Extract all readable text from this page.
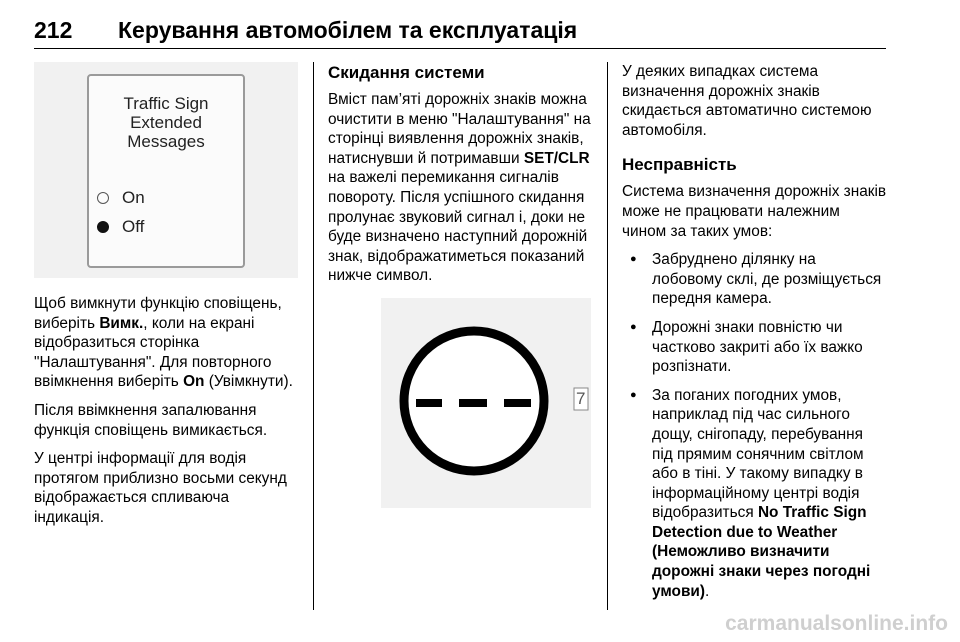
212 Керування автомобілем та експлуатація
Traffic Sign
Extended
Messages
On
Off

Щоб вимкнути функцію сповіщень, виберіть Вимк., коли на екрані відобразиться сторінка "Налаштування". Для повторного ввімкнення виберіть On (Увімкнути).

Після ввімкнення запалювання функція сповіщень вимикається.

У центрі інформації для водія протягом приблизно восьми секунд відображається спливаюча індикація.

Скидання системи

Вміст пам’яті дорожніх знаків можна очистити в меню "Налаштування" на сторінці виявлення дорожніх знаків, натиснувши й потримавши SET/CLR на важелі перемикання сигналів повороту. Після успішного скидання пролунає звуковий сигнал і, доки не буде визначено наступний дорожній знак, відображатиметься показаний нижче символ.

7

У деяких випадках система визначення дорожніх знаків скидається автоматично системою автомобіля.

Несправність

Система визначення дорожніх знаків може не працювати належним чином за таких умов:

● Забруднено ділянку на лобовому склі, де розміщується передня камера.
● Дорожні знаки повністю чи частково закриті або їх важко розпізнати.
● За поганих погодних умов, наприклад під час сильного дощу, снігопаду, перебування під прямим сонячним світлом або в тіні. У такому випадку в інформаційному центрі водія відобразиться No Traffic Sign Detection due to Weather (Неможливо визначити дорожні знаки через погодні умови).
carmanualsonline.info
